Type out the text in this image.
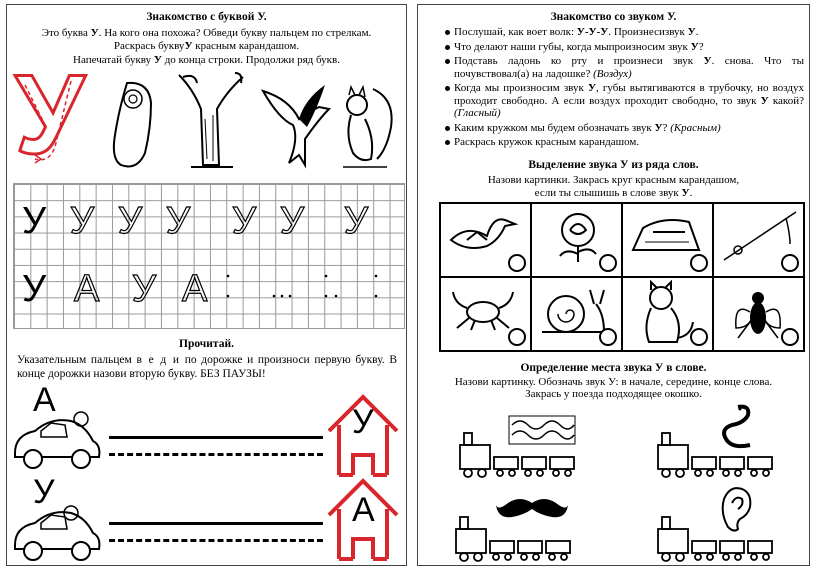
Знакомство с буквой У.

Это буква У. На кого она похожа? Обведи букву пальцем по стрелкам.

Раскрась буквуУ красным карандашом.

Напечатай букву У до конца строки. Продолжи ряд букв.

У
У У У У У У У
У А У А

Прочитай.

Указательным пальцем в е д и по дорожке и произноси первую букву. В конце дорожки назови вторую букву. БЕЗ ПАУЗЫ!

А
У
У	А

Знакомство со звуком У.

Послушай, как воет волк: У-У-У. Произнесизвук У.
Что делают наши губы, когда мыпроизносим звук У?
Подставь ладонь ко рту и произнеси звук У. снова. Что ты почувствовал(а) на ладошке? (Воздух)
Когда мы произносим звук У, губы вытягиваются в трубочку, но воздух проходит свободно. А если воздух проходит свободно, то звук У какой? (Гласный)
Каким кружком мы будем обозначать звук У? (Красным)
Раскрась кружок красным карандашом.

Выделение звука У из ряда слов.

Назови картинки. Закрась круг красным карандашом,

если ты слышишь в слове звук У.

Определение места звука У в слове.

Назови картинку. Обозначь звук У: в начале, середине, конце слова.

Закрась у поезда подходящее окошко.
